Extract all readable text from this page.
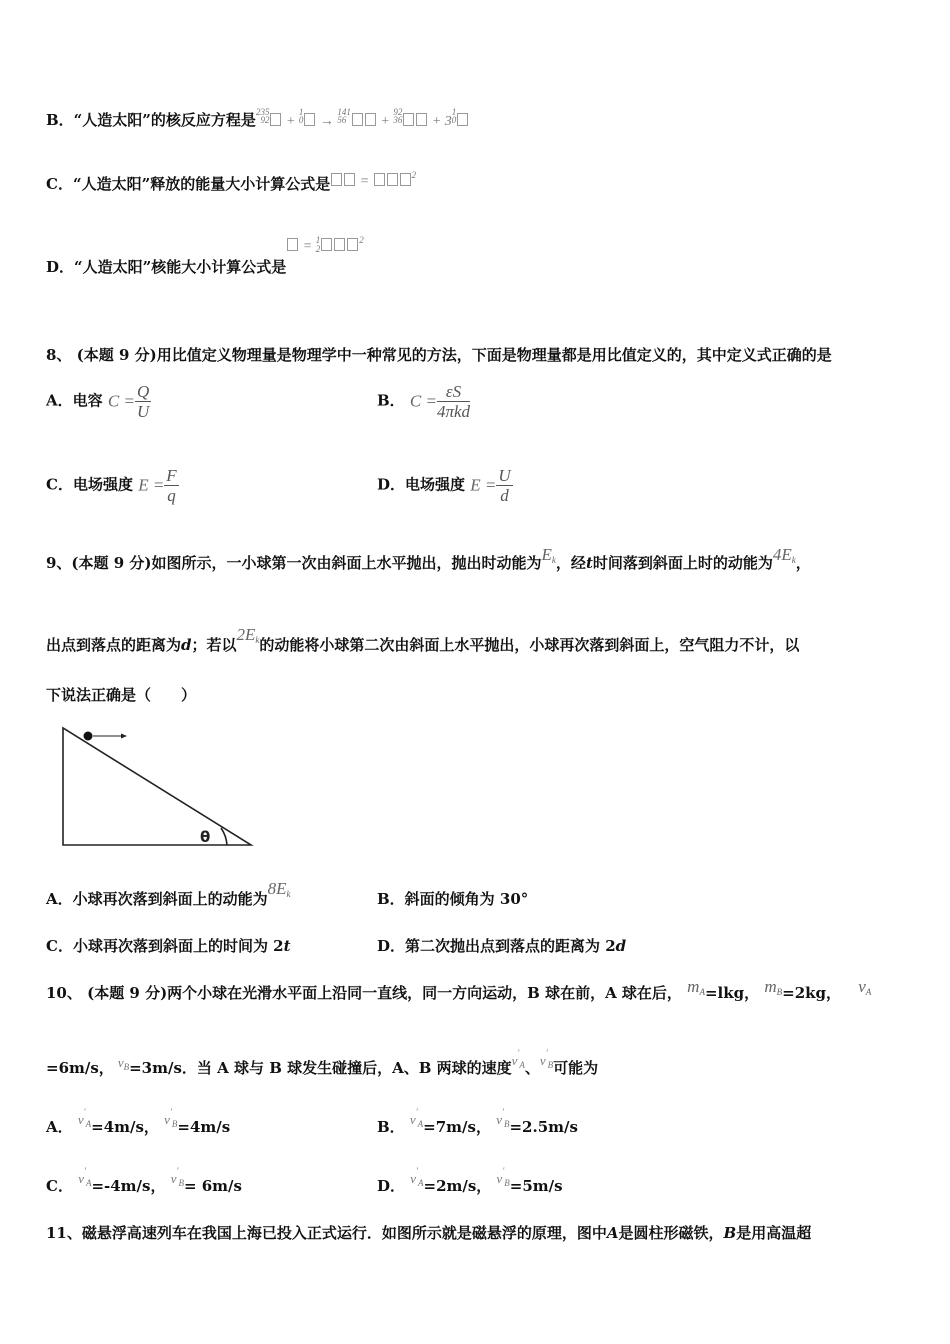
B．“人造太阳”的核反应方程是235
92 + 1
0 → 141
56 + 92
36 + 31
0
C．“人造太阳”释放的能量大小计算公式是 =	$^2$
D．“人造太阳”核能大小计算公式是 = 1
$2^2$
8、 (本题 9 分)用比值定义物理量是物理学中一种常见的方法，下面是物理量都是用比值定义的，其中定义式正确的是
A．电容 $C = \frac{Q}{U}$	B． $C = \frac{\varepsilon S}{\text{4πkd}}$
C．电场强度 $E = \frac{F}{q}$	D．电场强度 $E = \frac{U}{d}$
9、(本题 9 分)如图所示，一小球第一次由斜面上水平抛出，抛出时动能为$E_k$，经t时间落到斜面上时的动能为$4E_k$，
出点到落点的距离为d；若以$2E_k$的动能将小球第二次由斜面上水平抛出，小球再次落到斜面上，空气阻力不计，以
下说法正确是（　　）
θ
A．小球再次落到斜面上的动能为$8E_k$	B．斜面的倾角为 30°
C．小球再次落到斜面上的时间为 2t	D．第二次抛出点到落点的距离为 2d
10、 (本题 9 分)两个小球在光滑水平面上沿同一直线，同一方向运动，B 球在前，A 球在后， $m_A=lkg$， $m_B=2kg$， $v_A$
=6m/s， $v_B=3m/s$．当 A 球与 B 球发生碰撞后，A、B 两球的速度$v'_A$、$v'_B$可能为
A． $v'_A=4m/s$， $v'_B=4m/s$	B． $v'_A=7m/s$， $v'_B=2.5m/s$
C． $v'_A=-4m/s$， $v'_B= 6m/s$	D． $v'_A=2m/s$， $v'_B=5m/s$
11、磁悬浮高速列车在我国上海已投入正式运行．如图所示就是磁悬浮的原理，图中A是圆柱形磁铁，B是用高温超
